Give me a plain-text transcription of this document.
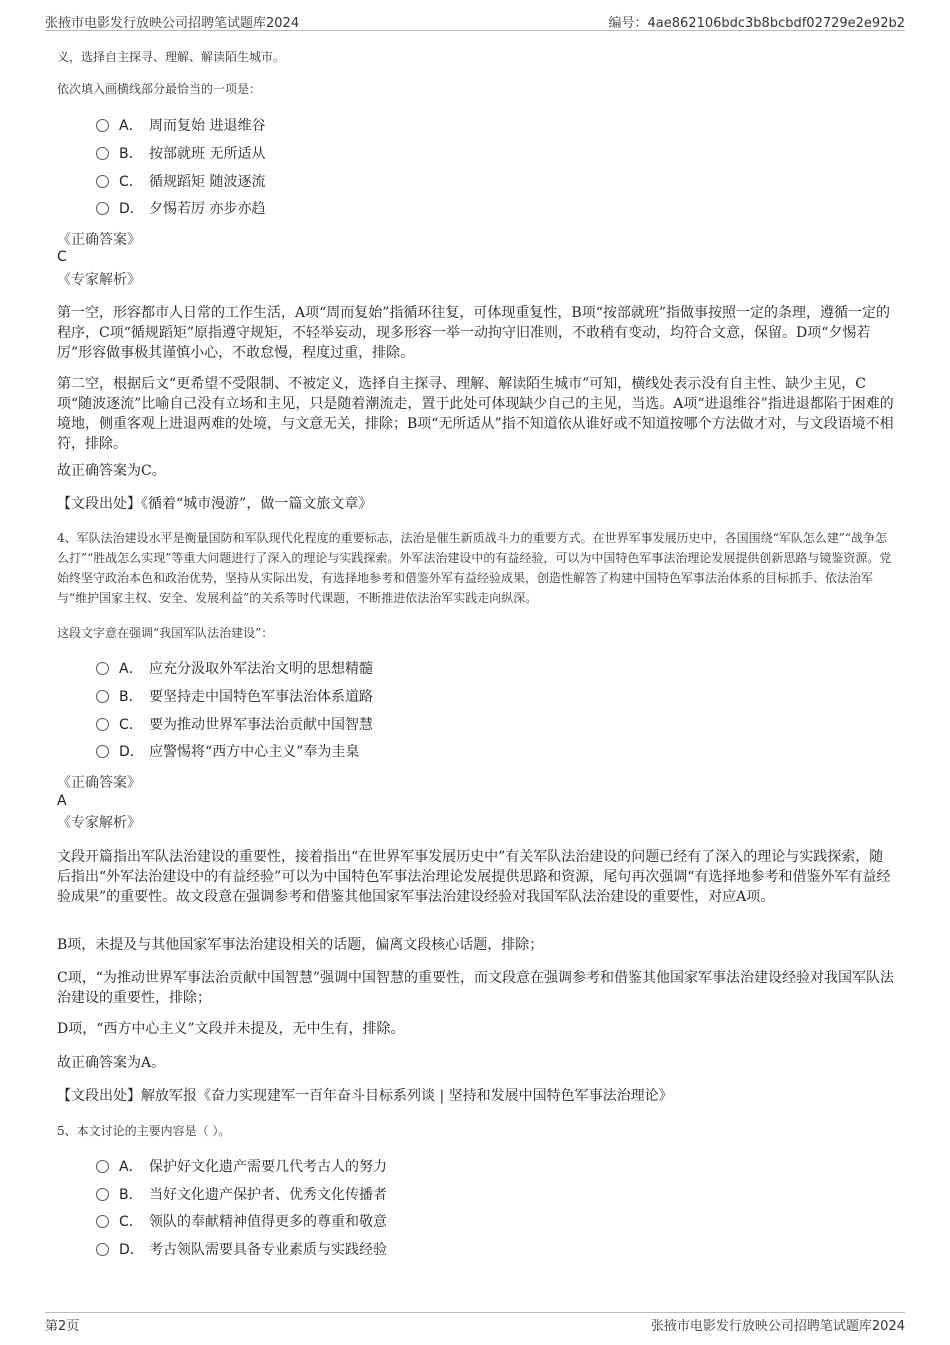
张掖市电影发行放映公司招聘笔试题库2024	编号：4ae862106bdc3b8bcbdf02729e2e92b2
义，选择自主探寻、理解、解读陌生城市。
依次填入画横线部分最恰当的一项是：
A． 周而复始 进退维谷
B． 按部就班 无所适从
C． 循规蹈矩 随波逐流
D． 夕惕若厉 亦步亦趋
《正确答案》
C
《专家解析》
第一空，形容都市人日常的工作生活，A项“周而复始”指循环往复，可体现重复性，B项“按部就班”指做事按照一定的条理，遵循一定的程序，C项“循规蹈矩”原指遵守规矩，不轻举妄动，现多形容一举一动拘守旧准则，不敢稍有变动，均符合文意，保留。D项“夕惕若厉”形容做事极其谨慎小心，不敢怠慢，程度过重，排除。
第二空，根据后文“更希望不受限制、不被定义，选择自主探寻、理解、解读陌生城市”可知，横线处表示没有自主性、缺少主见，C项“随波逐流”比喻自己没有立场和主见，只是随着潮流走，置于此处可体现缺少自己的主见，当选。A项“进退维谷”指进退都陷于困难的境地，侧重客观上进退两难的处境，与文意无关，排除；B项“无所适从”指不知道依从谁好或不知道按哪个方法做才对，与文段语境不相符，排除。
故正确答案为C。
【文段出处】《循着“城市漫游”，做一篇文旅文章》
4、军队法治建设水平是衡量国防和军队现代化程度的重要标志，法治是催生新质战斗力的重要方式。在世界军事发展历史中，各国围绕“军队怎么建”“战争怎么打”“胜战怎么实现”等重大问题进行了深入的理论与实践探索。外军法治建设中的有益经验，可以为中国特色军事法治理论发展提供创新思路与镜鉴资源。党始终坚守政治本色和政治优势，坚持从实际出发，有选择地参考和借鉴外军有益经验成果，创造性解答了构建中国特色军事法治体系的目标抓手、依法治军与“维护国家主权、安全、发展利益”的关系等时代课题，不断推进依法治军实践走向纵深。
这段文字意在强调“我国军队法治建设”：
A． 应充分汲取外军法治文明的思想精髓
B． 要坚持走中国特色军事法治体系道路
C． 要为推动世界军事法治贡献中国智慧
D． 应警惕将“西方中心主义”奉为圭臬
《正确答案》
A
《专家解析》
文段开篇指出军队法治建设的重要性，接着指出“在世界军事发展历史中”有关军队法治建设的问题已经有了深入的理论与实践探索，随后指出“外军法治建设中的有益经验”可以为中国特色军事法治理论发展提供思路和资源，尾句再次强调“有选择地参考和借鉴外军有益经验成果”的重要性。故文段意在强调参考和借鉴其他国家军事法治建设经验对我国军队法治建设的重要性，对应A项。
B项，未提及与其他国家军事法治建设相关的话题，偏离文段核心话题，排除；
C项，“为推动世界军事法治贡献中国智慧”强调中国智慧的重要性，而文段意在强调参考和借鉴其他国家军事法治建设经验对我国军队法治建设的重要性，排除；
D项，“西方中心主义”文段并未提及，无中生有，排除。
故正确答案为A。
【文段出处】解放军报《奋力实现建军一百年奋斗目标系列谈 | 坚持和发展中国特色军事法治理论》
5、本文讨论的主要内容是（ ）。
A． 保护好文化遗产需要几代考古人的努力
B． 当好文化遗产保护者、优秀文化传播者
C． 领队的奉献精神值得更多的尊重和敬意
D． 考古领队需要具备专业素质与实践经验
第2页	张掖市电影发行放映公司招聘笔试题库2024
